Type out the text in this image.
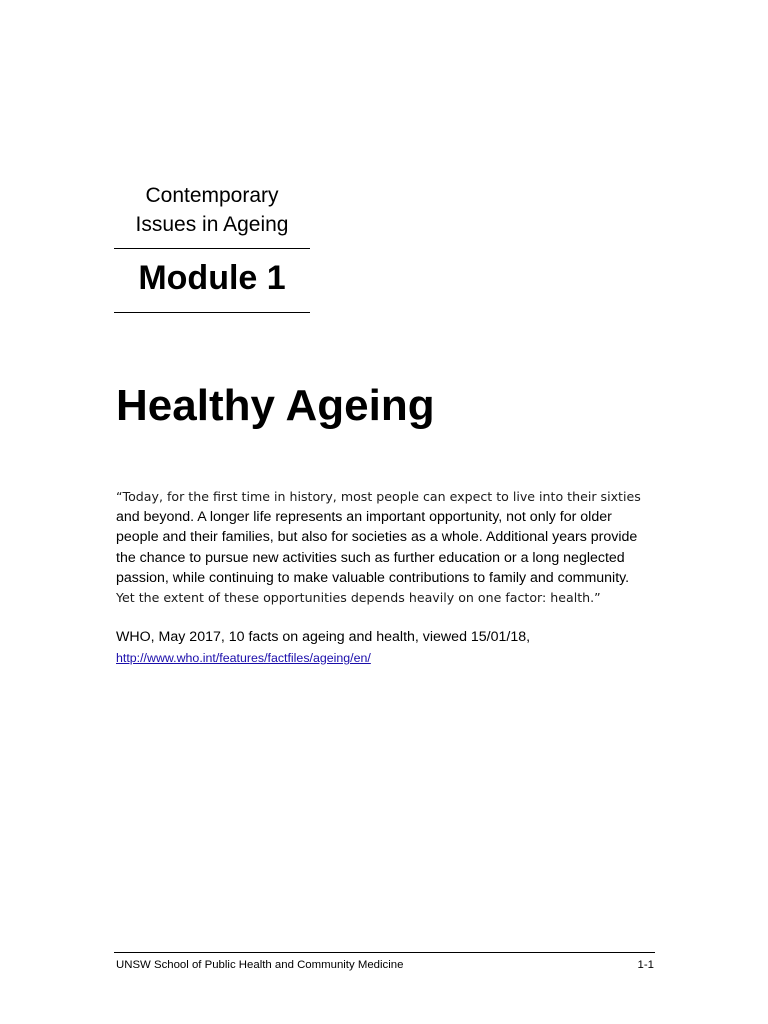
Contemporary
Issues in Ageing
Module 1
Healthy Ageing

“Today, for the first time in history, most people can expect to live into their sixties
and beyond. A longer life represents an important opportunity, not only for older
people and their families, but also for societies as a whole. Additional years provide
the chance to pursue new activities such as further education or a long neglected
passion, while continuing to make valuable contributions to family and community.
Yet the extent of these opportunities depends heavily on one factor: health.”

WHO, May 2017, 10 facts on ageing and health, viewed 15/01/18,
http://www.who.int/features/factfiles/ageing/en/
UNSW School of Public Health and Community Medicine	1-1
